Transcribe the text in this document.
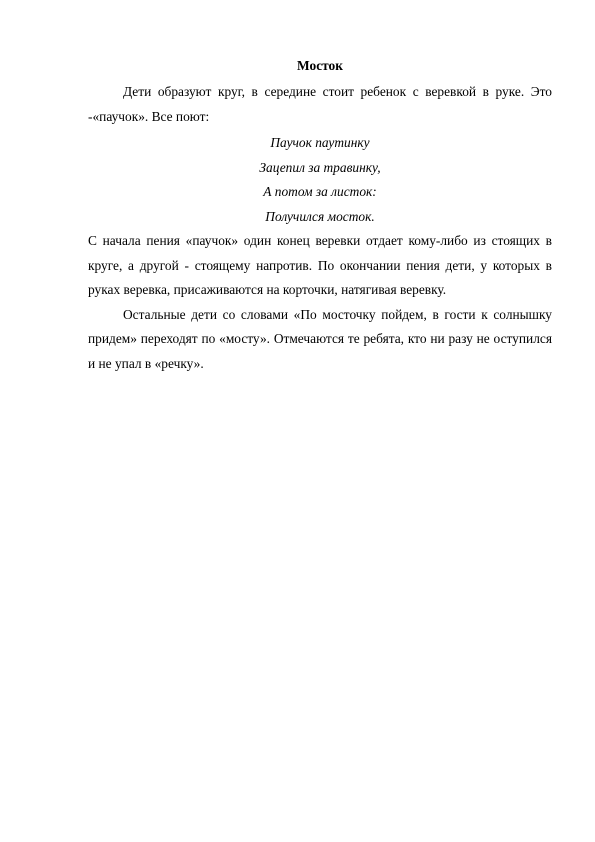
Мосток

Дети образуют круг, в середине стоит ребенок с веревкой в руке. Это -«паучок». Все поют:

Паучок паутинку

Зацепил за травинку,

А потом за листок:

Получился мосток.

С начала пения «паучок» один конец веревки отдает кому-либо из стоящих в круге, а другой - стоящему напротив. По окончании пения дети, у которых в руках веревка, присаживаются на корточки, натягивая веревку.

Остальные дети со словами «По мосточку пойдем, в гости к солнышку придем» переходят по «мосту». Отмечаются те ребята, кто ни разу не оступился и не упал в «речку».
